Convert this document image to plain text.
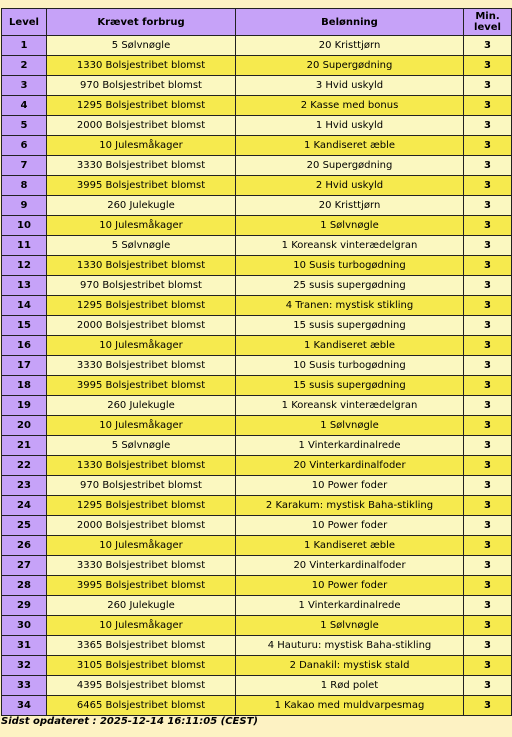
Level	Krævet forbrug	Belønning	Min.
level
1	5 Sølvnøgle	20 Kristtjørn	3
2	1330 Bolsjestribet blomst	20 Supergødning	3
3	970 Bolsjestribet blomst	3 Hvid uskyld	3
4	1295 Bolsjestribet blomst	2 Kasse med bonus	3
5	2000 Bolsjestribet blomst	1 Hvid uskyld	3
6	10 Julesmåkager	1 Kandiseret æble	3
7	3330 Bolsjestribet blomst	20 Supergødning	3
8	3995 Bolsjestribet blomst	2 Hvid uskyld	3
9	260 Julekugle	20 Kristtjørn	3
10	10 Julesmåkager	1 Sølvnøgle	3
11	5 Sølvnøgle	1 Koreansk vinterædelgran	3
12	1330 Bolsjestribet blomst	10 Susis turbogødning	3
13	970 Bolsjestribet blomst	25 susis supergødning	3
14	1295 Bolsjestribet blomst	4 Tranen: mystisk stikling	3
15	2000 Bolsjestribet blomst	15 susis supergødning	3
16	10 Julesmåkager	1 Kandiseret æble	3
17	3330 Bolsjestribet blomst	10 Susis turbogødning	3
18	3995 Bolsjestribet blomst	15 susis supergødning	3
19	260 Julekugle	1 Koreansk vinterædelgran	3
20	10 Julesmåkager	1 Sølvnøgle	3
21	5 Sølvnøgle	1 Vinterkardinalrede	3
22	1330 Bolsjestribet blomst	20 Vinterkardinalfoder	3
23	970 Bolsjestribet blomst	10 Power foder	3
24	1295 Bolsjestribet blomst	2 Karakum: mystisk Baha-stikling	3
25	2000 Bolsjestribet blomst	10 Power foder	3
26	10 Julesmåkager	1 Kandiseret æble	3
27	3330 Bolsjestribet blomst	20 Vinterkardinalfoder	3
28	3995 Bolsjestribet blomst	10 Power foder	3
29	260 Julekugle	1 Vinterkardinalrede	3
30	10 Julesmåkager	1 Sølvnøgle	3
31	3365 Bolsjestribet blomst	4 Hauturu: mystisk Baha-stikling	3
32	3105 Bolsjestribet blomst	2 Danakil: mystisk stald	3
33	4395 Bolsjestribet blomst	1 Rød polet	3
34	6465 Bolsjestribet blomst	1 Kakao med muldvarpesmag	3
Sidst opdateret : 2025-12-14 16:11:05 (CEST)
